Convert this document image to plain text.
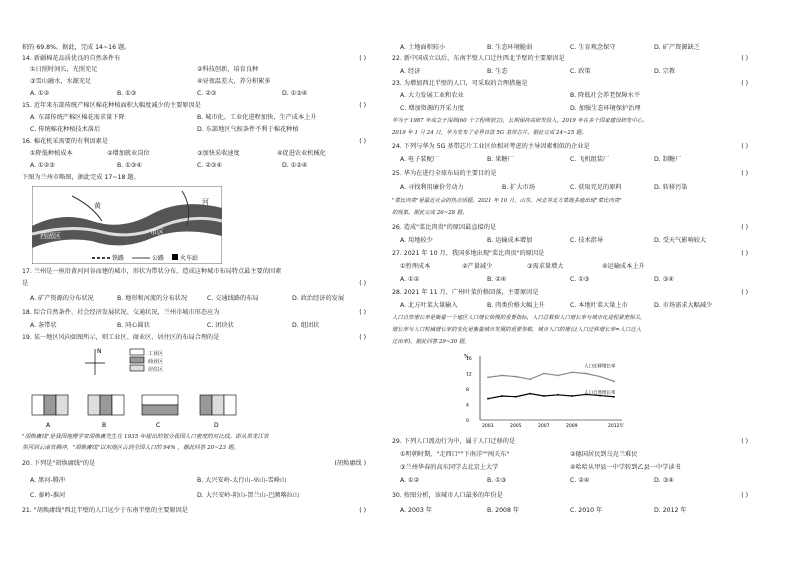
积的 69.8%。据此，完成 14~16 题。
14. 新疆棉花品质优良的自然条件有	( )
①日照时间长，光照充足	②科技创新，培育良种
③雪山融水，水源充足	④昼夜温差大，养分积累多
A. ①②	B. ①③	C. ②③	D. ①③④
15. 近年来东部传统产棉区棉花种植面积大幅度减少的主要原因是	( )
A. 东部传统产棉区棉花需求量下降	B. 城市化、工业化进程加快，生产成本上升
C. 传统棉花种植技术落后	D. 东部地区气候条件不利于棉花种植
16. 棉花机采需要的有利因素是	( )
①降低种植成本	②增加就业岗位	③加快采收速度	④促进农业机械化
A. ①②③	B. ①③④	C. ②③④	D. ①②④
下图为兰州市略图，据此完成 17~18 题。
西固区	市区
黄	河
铁路	公路	火车站
17. 兰州是一座沿黄河河谷而建的城市，形状为带状分布，造成这种城市布局特点最主要的因素
是	( )
A. 矿产资源的分布状况	B. 地形和河流的分布状况	C. 交通线路的布局	D. 政治经济的发展
18. 综合自然条件、社会经济发展状况、交通状况，兰州市城市形态应为	( )
A. 条带状	B. 同心圆状	C. 团块状	D. 组团状
19. 某一地区风向如图所示，则工业区、商业区、居住区的布局合理的是	( )
N	工业区
商业区
居住区
A	B	C	D
"胡焕庸线"是我国地理学家胡焕庸先生在 1935 年提出的划分我国人口密度的对比线。即从黑龙江省
黑河到云南省腾冲，"胡焕庸线"以东地区占到全国人口的 94% ，据此回答 20~23 题。
20. 下列是"胡焕庸线"的是	(胡焕庸线 )
A. 黑河-腾冲	B. 大兴安岭-太行山-巫山-雪峰山
C. 秦岭-淮河	D. 大兴安岭-阴山-贺兰山-巴颜喀拉山
21. "胡焕庸线"西北半壁的人口远少于东南半壁的主要原因是	( )
A. 土地面积较小	B. 生态环境脆弱	C. 生育观念保守	D. 矿产资源缺乏
22. 新中国成立以后，东南半壁人口迁往西北半壁的主要原因是	( )
A. 经济	B. 生态	C. 政策	D. 宗教
23. 为增加西北半壁的人口，可采取的合理措施是	( )
A. 大力发展工业和农业	B. 降低社会养老保障水平
C. 增加资源的开采力度	D. 加强生态环境保护治理
华为于 1987 年成立于深圳(60 个工程师创立)，长期保持高研发投入。2019 年在多个国家建设研发中心。
2019 年 1 月 24 日，华为发布了业界首款 5G 基带芯片。据此完成 24~25 题。
24. 下列与华为 5G 基带芯片工业区位相对考虑的主导因素相似的企业是	( )
A. 电子装配厂	B. 果糖厂	C. 飞机组装厂	D. 制糖厂
25. 华为在进行全球布局的主要目的是	( )
A. 寻找利用廉价劳动力	B. 扩大市场	C. 获取充足的原料	D. 转移污染
"菜比肉贵"是最近社会的热点话题。2021 年 10 月，山东、河北等北方菜地多地出现"菜比肉贵"
的现象。据此完成 26~28 题。
26. 造成"菜比肉贵"的原因最直接的是	( )
A. 用地较少	B. 运输成本增加	C. 技术指导	D. 受天气影响较大
27. 2021 年 10 月，我国多地出现"菜比肉贵"的原因是	( )
①暂理成本	②产量减少	③需求量增大	④运输成本上升
A. ①②	B. ②④	C. ①③	D. ③④
28. 2021 年 11 月，广州叶菜价格回落，主要原因是	( )
A. 北方叶菜大量输入	B. 肉类价格大幅上升	C. 本地叶菜大量上市	D. 市场需求大幅减少
人口自然增长率是衡量一个地区人口增长快慢的重要指标，人口总数和人口增长率与城市化进程紧密相关，
增长率与人口机械增长率的变化是衡量城市发展的重要参数，城市人口的增长(人口迁移增长率=人口迁入
迁出率)。据此回答 29~30 题。
%
16
12
8
4
0
2003	2005	2007	2009	2012年
人口迁移增长率
人口自然增长率
29. 下列人口流动行为中，属于人口迁移的是	( )
①明朝时期，"走西口""下南洋""闯关东"	②德国居民到乌克兰难民
③兰州华春的高东同学去北京上大学	④哈哈从甲县一中学转到乙县一中学读书
A. ①②	B. ①③	C. ②④	D. ③④
30. 按图分析，该城市人口最多的年份是	( )
A. 2003 年	B. 2008 年	C. 2010 年	D. 2012 年
